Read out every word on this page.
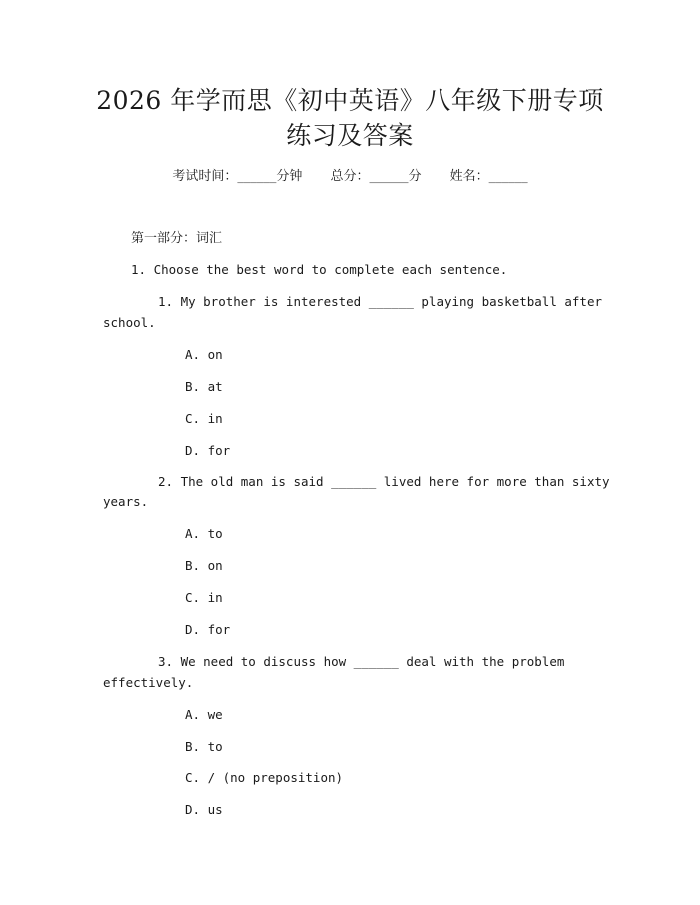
2026 年学而思《初中英语》八年级下册专项
练习及答案
考试时间：______分钟 总分：______分 姓名：______
第一部分：词汇
1. Choose the best word to complete each sentence.
1. My brother is interested ______ playing basketball after
school.
A. on
B. at
C. in
D. for
2. The old man is said ______ lived here for more than sixty
years.
A. to
B. on
C. in
D. for
3. We need to discuss how ______ deal with the problem
effectively.
A. we
B. to
C. / (no preposition)
D. us
